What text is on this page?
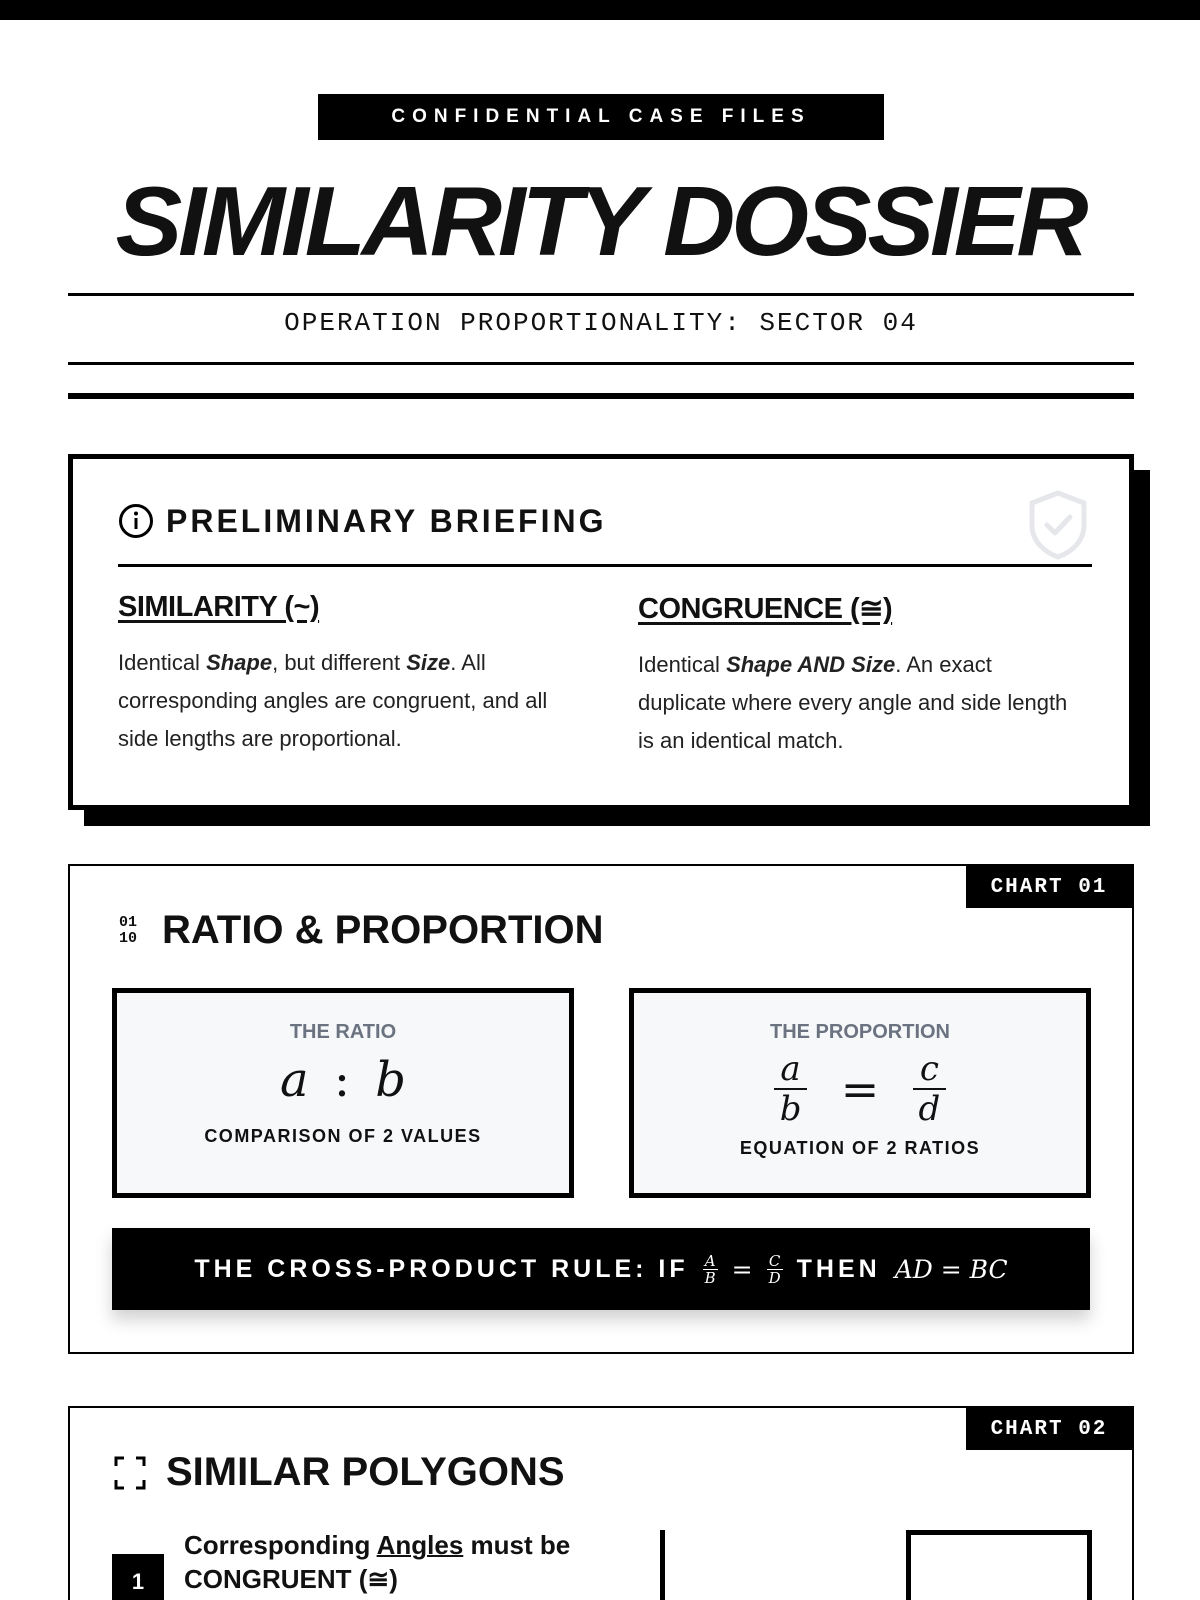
CONFIDENTIAL CASE FILES
SIMILARITY DOSSIER
OPERATION PROPORTIONALITY: SECTOR 04
PRELIMINARY BRIEFING
SIMILARITY (~)

Identical Shape, but different Size. All corresponding angles are congruent, and all side lengths are proportional.

CONGRUENCE (≅)

Identical Shape AND Size. An exact duplicate where every angle and side length is an identical match.

CHART 01
01
10 RATIO & PROPORTION
THE RATIO
a : b
COMPARISON OF 2 VALUES
THE PROPORTION
$\frac{a}{b} = \frac{c}{d}$
EQUATION OF 2 RATIOS
THE CROSS-PRODUCT RULE: IF $\frac{A}{B} = \frac{C}{D}$ THEN AD = BC
CHART 02
SIMILAR POLYGONS
1
Corresponding Angles must be CONGRUENT (≅)
